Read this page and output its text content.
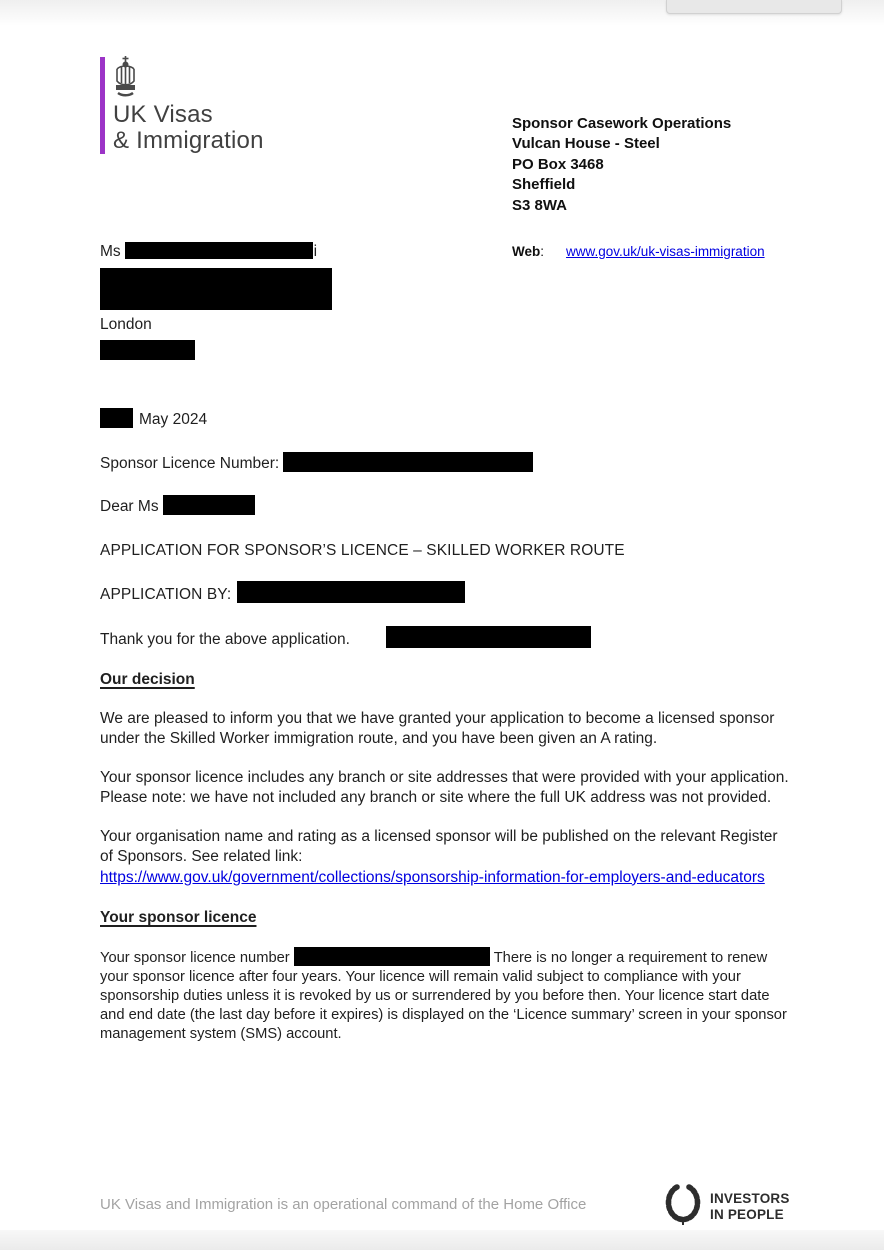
UK Visas
& Immigration
Sponsor Casework Operations
Vulcan House - Steel
PO Box 3468
Sheffield
S3 8WA
Web: www.gov.uk/uk-visas-immigration
Ms	i
London
May 2024
Sponsor Licence Number:
Dear Ms
APPLICATION FOR SPONSOR’S LICENCE – SKILLED WORKER ROUTE
APPLICATION BY:
Thank you for the above application.
Our decision

We are pleased to inform you that we have granted your application to become a licensed sponsor under the Skilled Worker immigration route, and you have been given an A rating.

Your sponsor licence includes any branch or site addresses that were provided with your application. Please note: we have not included any branch or site where the full UK address was not provided.

Your organisation name and rating as a licensed sponsor will be published on the relevant Register of Sponsors. See related link:
https://www.gov.uk/government/collections/sponsorship-information-for-employers-and-educators

Your sponsor licence

Your sponsor licence number	There is no longer a requirement to renew your sponsor licence after four years. Your licence will remain valid subject to compliance with your sponsorship duties unless it is revoked by us or surrendered by you before then. Your licence start date and end date (the last day before it expires) is displayed on the ‘Licence summary’ screen in your sponsor management system (SMS) account.

UK Visas and Immigration is an operational command of the Home Office	INVESTORS
IN PEOPLE
